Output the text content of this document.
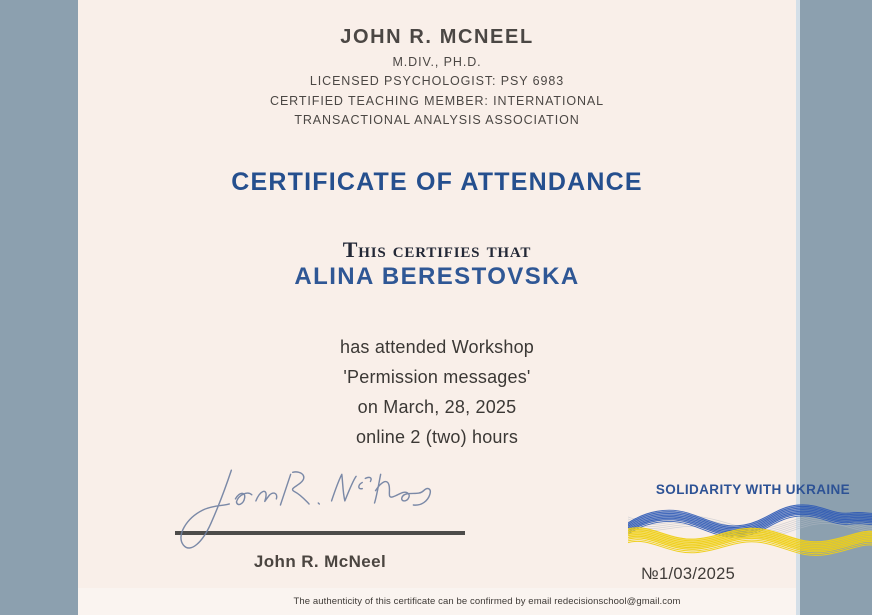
JOHN R. MCNEEL
M.DIV., PH.D.
LICENSED PSYCHOLOGIST: PSY 6983
CERTIFIED TEACHING MEMBER: INTERNATIONAL
TRANSACTIONAL ANALYSIS ASSOCIATION
CERTIFICATE OF ATTENDANCE
This certifies that
ALINA BERESTOVSKA
has attended Workshop
'Permission messages'
on March, 28, 2025
online 2 (two) hours
John R. McNeel
SOLIDARITY WITH UKRAINE
№1/03/2025
The authenticity of this certificate can be confirmed by email redecisionschool@gmail.com
